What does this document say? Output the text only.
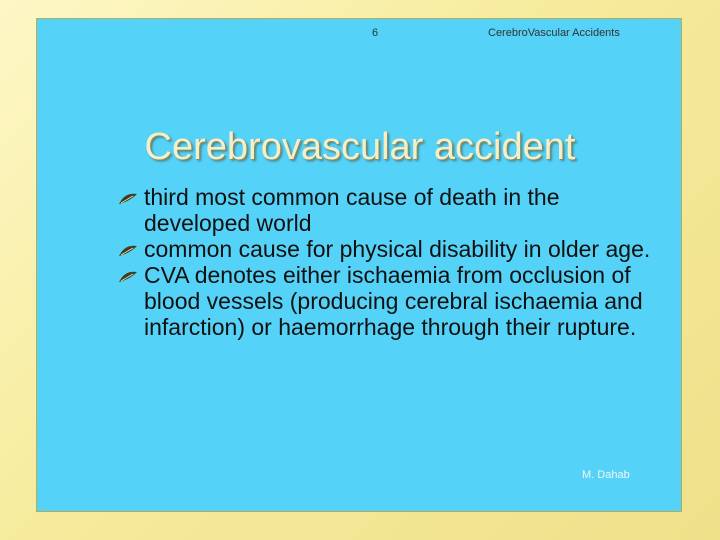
6	CerebroVascular Accidents
Cerebrovascular accident
third most common cause of death in the developed world
common cause for physical disability in older age.
CVA denotes either ischaemia from occlusion of blood vessels (producing cerebral ischaemia and infarction) or haemorrhage through their rupture.
M. Dahab
